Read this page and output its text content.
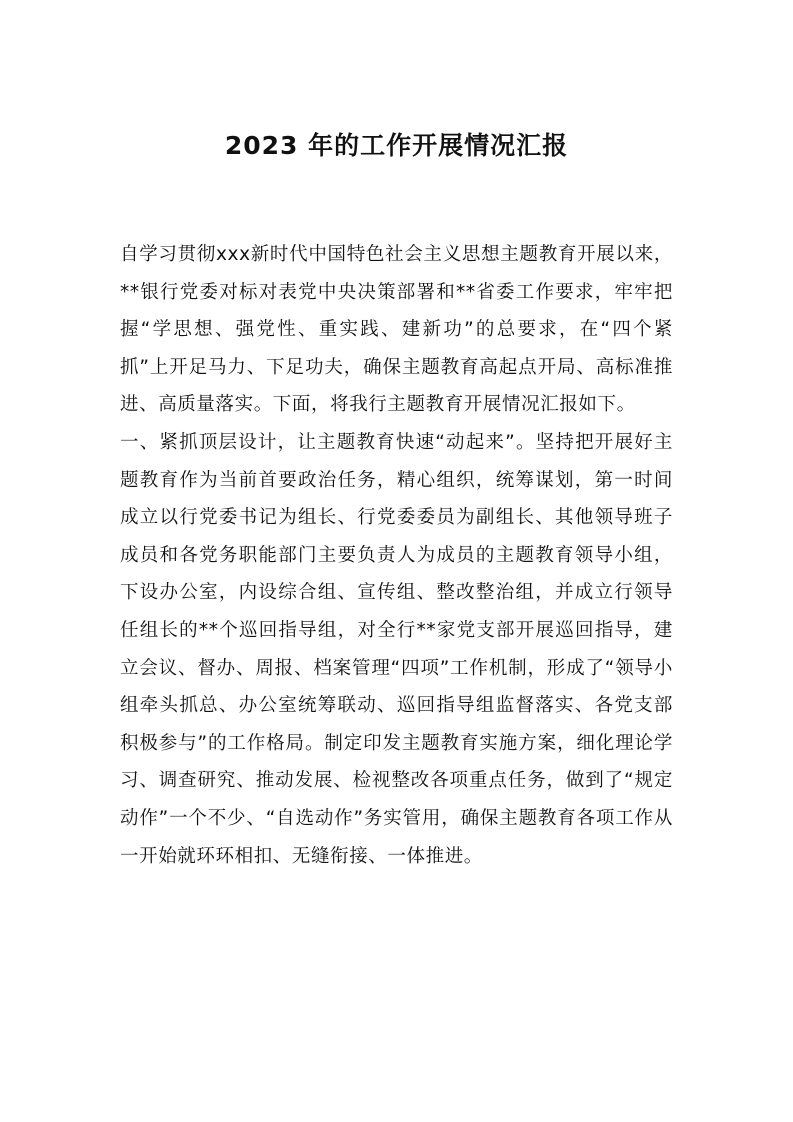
2023 年的工作开展情况汇报

自学习贯彻xxx新时代中国特色社会主义思想主题教育开展以来，**银行党委对标对表党中央决策部署和**省委工作要求，牢牢把握“学思想、强党性、重实践、建新功”的总要求，在“四个紧抓”上开足马力、下足功夫，确保主题教育高起点开局、高标准推进、高质量落实。下面，将我行主题教育开展情况汇报如下。

一、紧抓顶层设计，让主题教育快速“动起来”。坚持把开展好主题教育作为当前首要政治任务，精心组织，统筹谋划，第一时间成立以行党委书记为组长、行党委委员为副组长、其他领导班子成员和各党务职能部门主要负责人为成员的主题教育领导小组，下设办公室，内设综合组、宣传组、整改整治组，并成立行领导任组长的**个巡回指导组，对全行**家党支部开展巡回指导，建立会议、督办、周报、档案管理“四项”工作机制，形成了“领导小组牵头抓总、办公室统筹联动、巡回指导组监督落实、各党支部积极参与”的工作格局。制定印发主题教育实施方案，细化理论学习、调查研究、推动发展、检视整改各项重点任务，做到了“规定动作”一个不少、“自选动作”务实管用，确保主题教育各项工作从一开始就环环相扣、无缝衔接、一体推进。
